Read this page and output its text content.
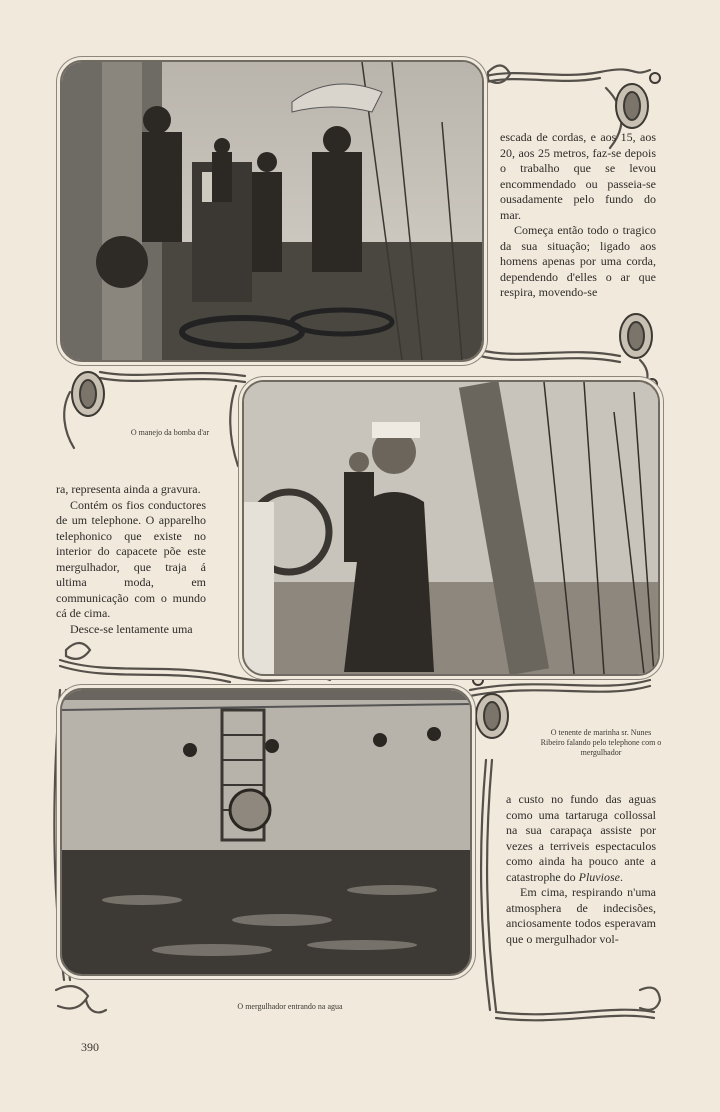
escada de cordas, e aos 15, aos 20, aos 25 metros, faz-se depois o trabalho que se levou encommendado ou passeia-se ousadamente pelo fundo do mar.

Começa então todo o tragico da sua situação; ligado aos homens apenas por uma corda, dependendo d'elles o ar que respira, movendo-se

O manejo da bomba d'ar

ra, representa ainda a gravura.

Contém os fios conductores de um telephone. O apparelho telephonico que existe no interior do capacete põe este mergulhador, que traja á ultima moda, em communicação com o mundo cá de cima.

Desce-se lentamente uma

O tenente de marinha sr. Nunes Ribeiro falando pelo telephone com o mergulhador

a custo no fundo das aguas como uma tartaruga collossal na sua carapaça assiste por vezes a terriveis espectaculos como ainda ha pouco ante a catastrophe do Pluviose.

Em cima, respirando n'uma atmosphera de indecisões, anciosamente todos esperavam que o mergulhador vol-

O mergulhador entrando na agua
390
